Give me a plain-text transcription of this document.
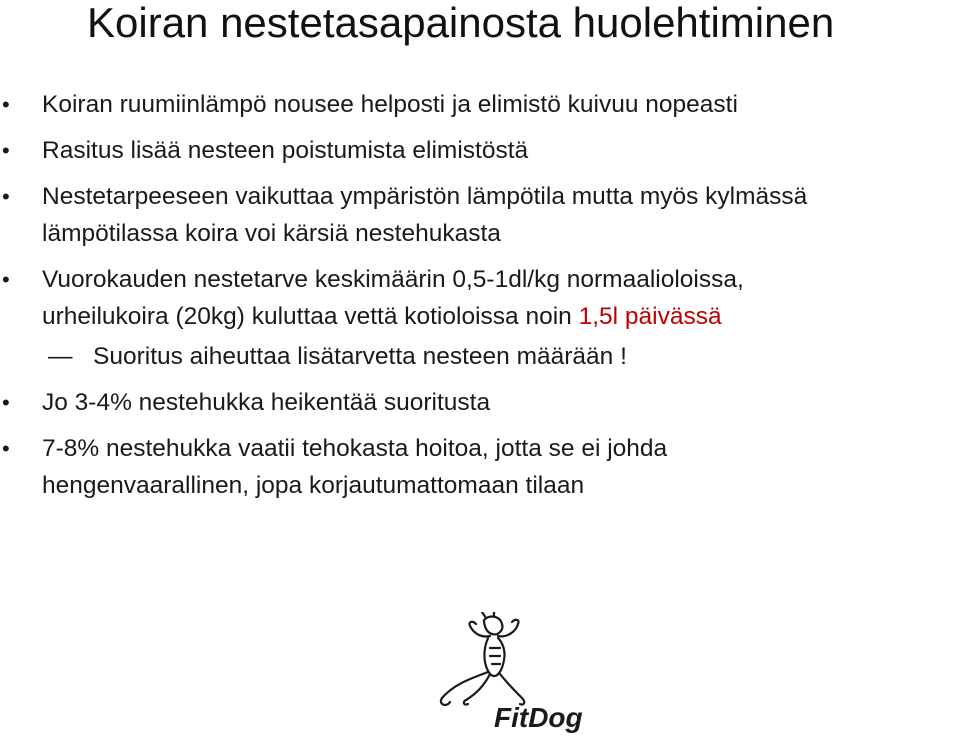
Koiran nestetasapainosta huolehtiminen
• Koiran ruumiinlämpö nousee helposti ja elimistö kuivuu nopeasti
• Rasitus lisää nesteen poistumista elimistöstä
• Nestetarpeeseen vaikuttaa ympäristön lämpötila mutta myös kylmässä
lämpötilassa koira voi kärsiä nestehukasta
• Vuorokauden nestetarve keskimäärin 0,5-1dl/kg normaalioloissa,
urheilukoira (20kg) kuluttaa vettä kotioloissa noin 1,5l päivässä
— Suoritus aiheuttaa lisätarvetta nesteen määrään !
• Jo 3-4% nestehukka heikentää suoritusta
• 7-8% nestehukka vaatii tehokasta hoitoa, jotta se ei johda
hengenvaarallinen, jopa korjautumattomaan tilaan
FitDog
